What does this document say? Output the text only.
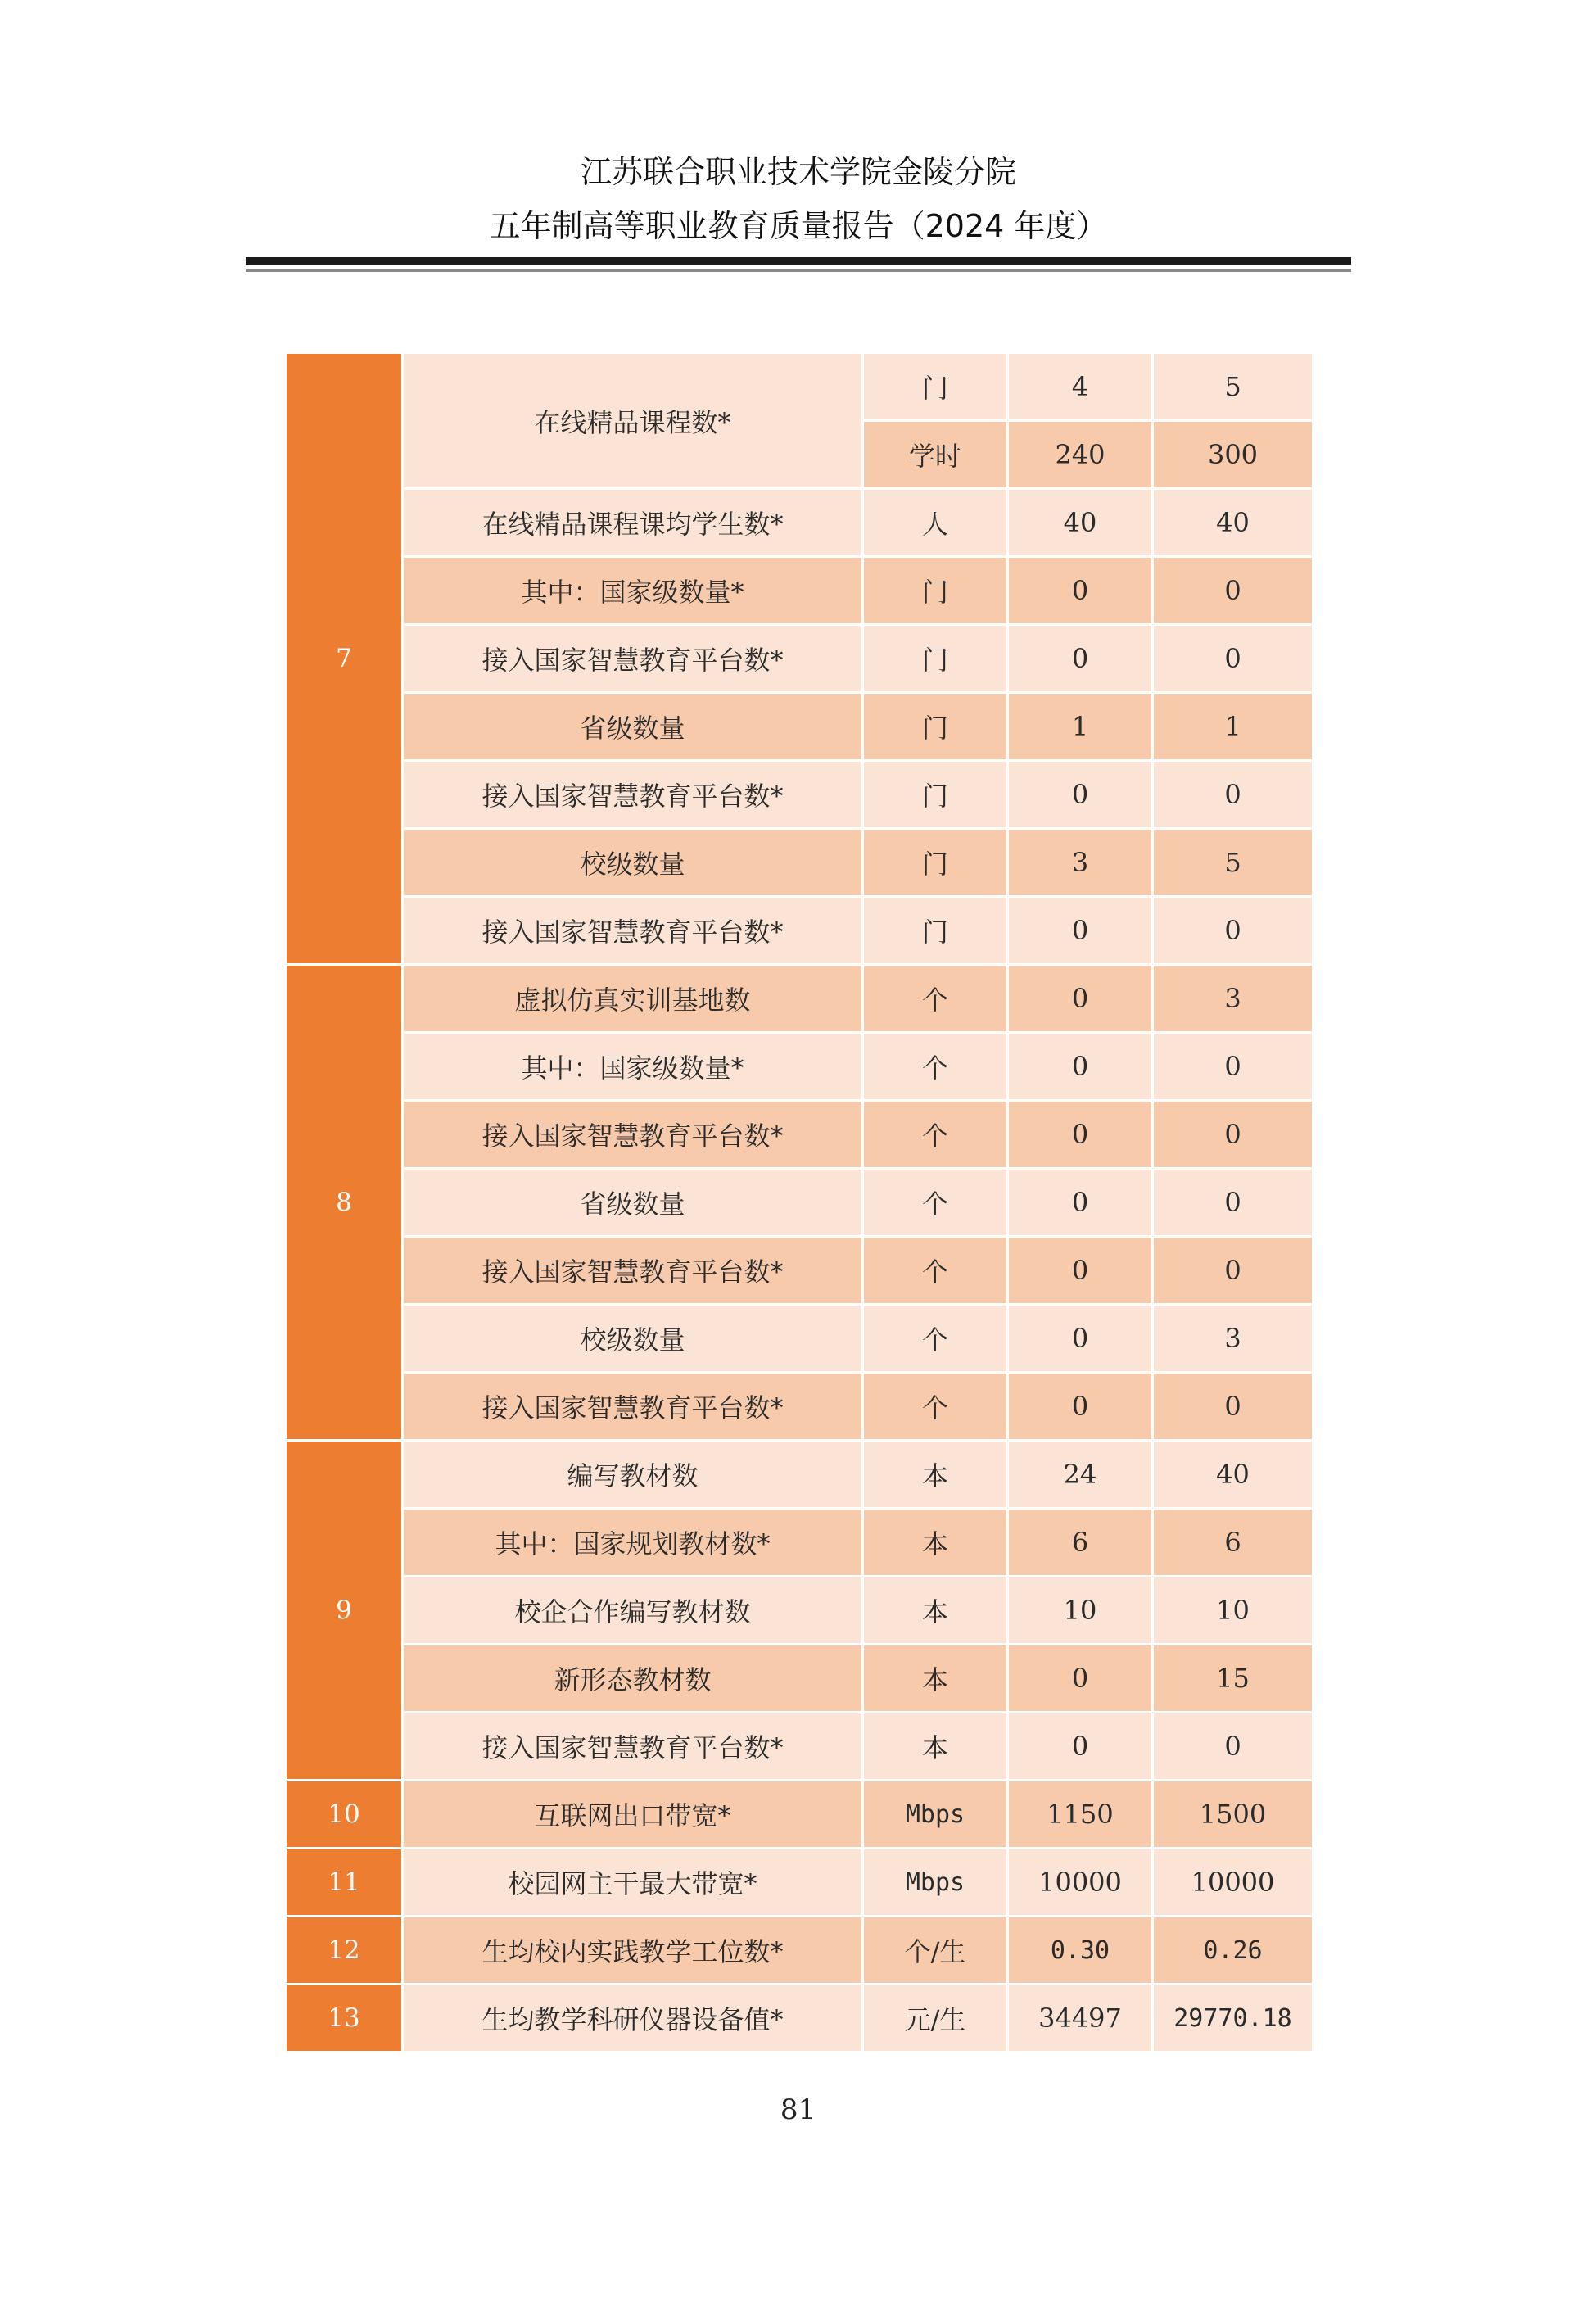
江苏联合职业技术学院金陵分院
五年制高等职业教育质量报告（2024 年度）
7	在线精品课程数*	门	4	5
		学时	240	300
	在线精品课程课均学生数*	人	40	40
	其中：国家级数量*	门	0	0
	接入国家智慧教育平台数*	门	0	0
	省级数量	门	1	1
	接入国家智慧教育平台数*	门	0	0
	校级数量	门	3	5
	接入国家智慧教育平台数*	门	0	0
8	虚拟仿真实训基地数	个	0	3
	其中：国家级数量*	个	0	0
	接入国家智慧教育平台数*	个	0	0
	省级数量	个	0	0
	接入国家智慧教育平台数*	个	0	0
	校级数量	个	0	3
	接入国家智慧教育平台数*	个	0	0
9	编写教材数	本	24	40
	其中：国家规划教材数*	本	6	6
	校企合作编写教材数	本	10	10
	新形态教材数	本	0	15
	接入国家智慧教育平台数*	本	0	0
10	互联网出口带宽*	Mbps	1150	1500
11	校园网主干最大带宽*	Mbps	10000	10000
12	生均校内实践教学工位数*	个/生	0.30	0.26
13	生均教学科研仪器设备值*	元/生	34497	29770.18
81
